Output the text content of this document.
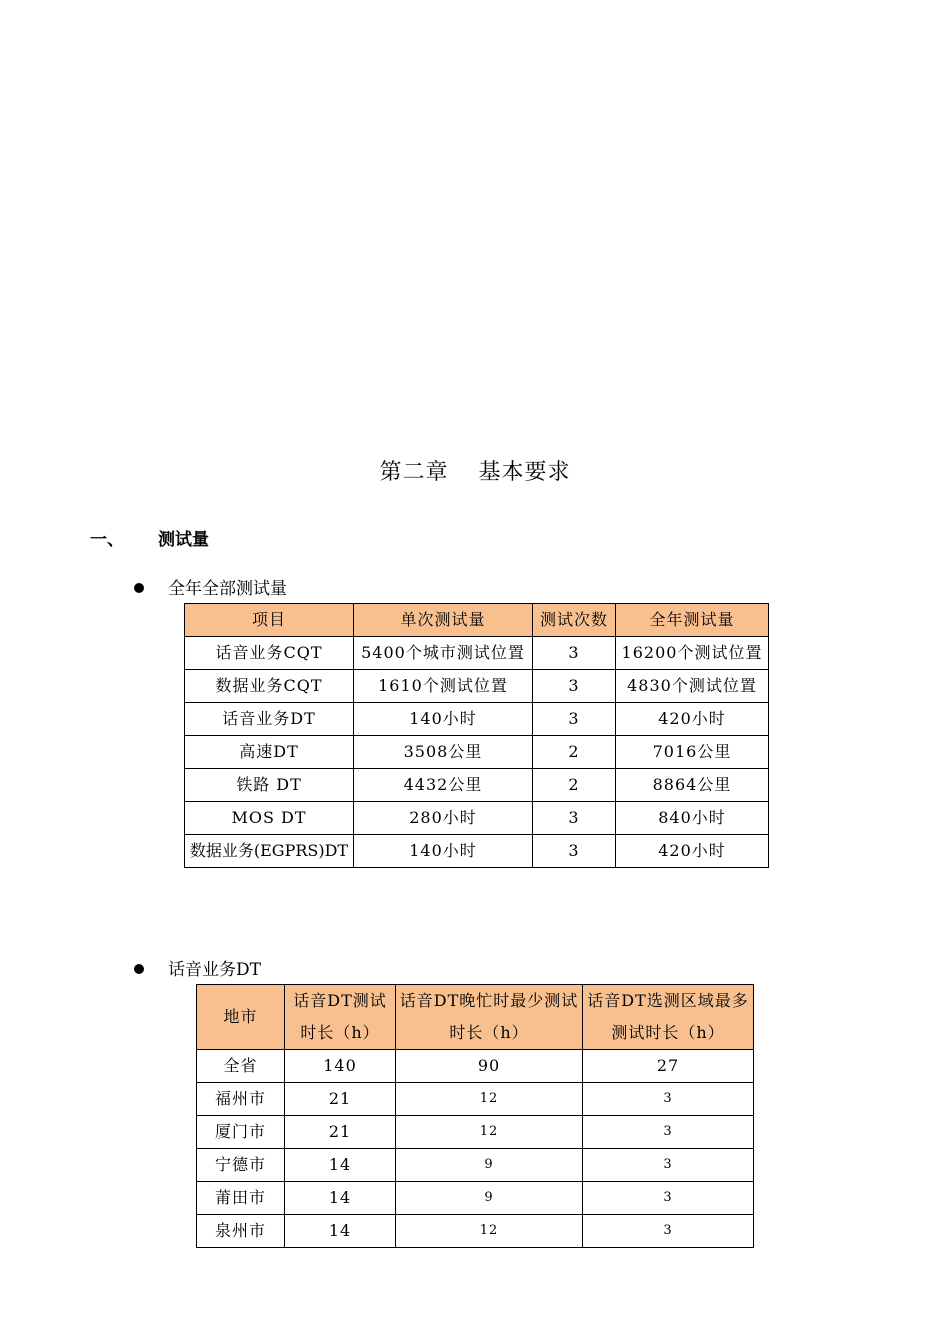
第二章 基本要求
一、 测试量
全年全部测试量
项目	单次测试量	测试次数	全年测试量
话音业务CQT	5400个城市测试位置	3	16200个测试位置
数据业务CQT	1610个测试位置	3	4830个测试位置
话音业务DT	140小时	3	420小时
高速DT	3508公里	2	7016公里
铁路 DT	4432公里	2	8864公里
MOS DT	280小时	3	840小时
数据业务(EGPRS)DT	140小时	3	420小时
话音业务DT
地市	话音DT测试时长（h）	话音DT晚忙时最少测试时长（h）	话音DT选测区域最多测试时长（h）
全省	140	90	27
福州市	21	12	3
厦门市	21	12	3
宁德市	14	9	3
莆田市	14	9	3
泉州市	14	12	3
